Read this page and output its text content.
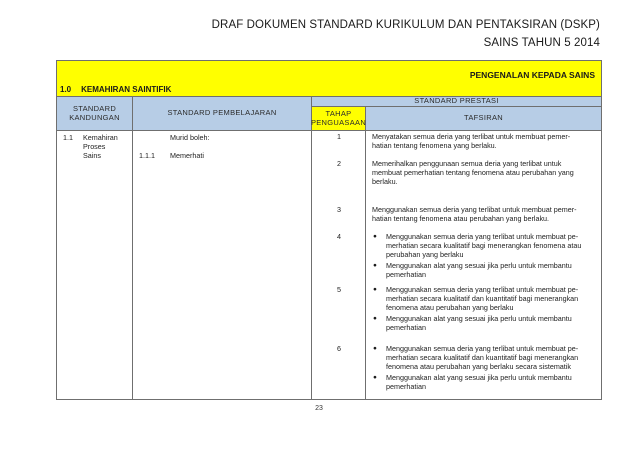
DRAF DOKUMEN STANDARD KURIKULUM DAN PENTAKSIRAN (DSKP)
SAINS TAHUN 5 2014
PENGENALAN KEPADA SAINS
1.0 KEMAHIRAN SAINTIFIK
STANDARD KANDUNGAN	STANDARD PEMBELAJARAN
STANDARD PRESTASI
TAHAP PENGUASAAN	TAFSIRAN
1.1 Kemahiran
Proses
Sains
Murid boleh:
1.1.1 Memerhati
1	Menyatakan semua deria yang terlibat untuk membuat pemer-
hatian tentang fenomena yang berlaku.
2	Memerihalkan penggunaan semua deria yang terlibat untuk
membuat pemerhatian tentang fenomena atau perubahan yang
berlaku.
3	Menggunakan semua deria yang terlibat untuk membuat pemer-
hatian tentang fenomena atau perubahan yang berlaku.
4	● Menggunakan semua deria yang terlibat untuk membuat pe-
merhatian secara kualitatif bagi menerangkan fenomena atau
perubahan yang berlaku
● Menggunakan alat yang sesuai jika perlu untuk membantu
pemerhatian
5	● Menggunakan semua deria yang terlibat untuk membuat pe-
merhatian secara kualitatif dan kuantitatif bagi menerangkan
fenomena atau perubahan yang berlaku
● Menggunakan alat yang sesuai jika perlu untuk membantu
pemerhatian
6	● Menggunakan semua deria yang terlibat untuk membuat pe-
merhatian secara kualitatif dan kuantitatif bagi menerangkan
fenomena atau perubahan yang berlaku secara sistematik
● Menggunakan alat yang sesuai jika perlu untuk membantu
pemerhatian
23
